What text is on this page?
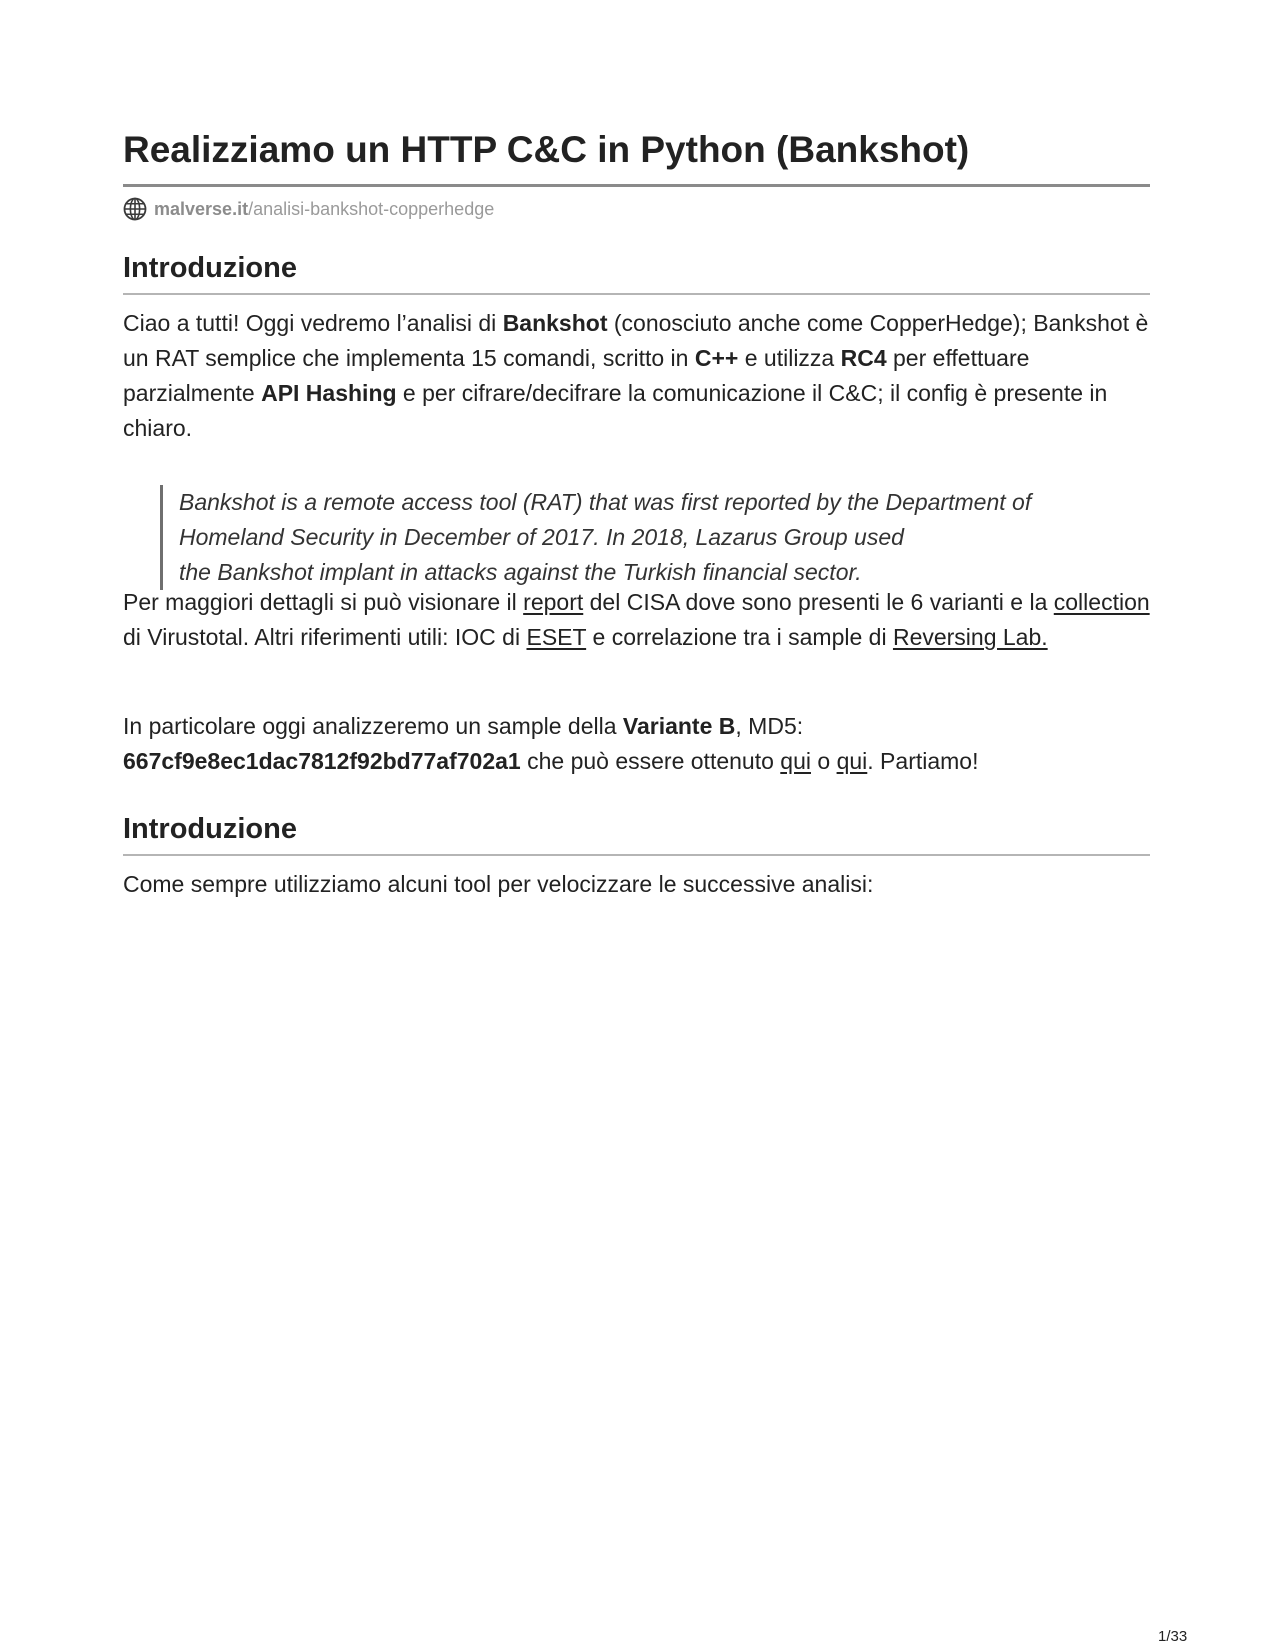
Realizziamo un HTTP C&C in Python (Bankshot)
malverse.it /analisi-bankshot-copperhedge
Introduzione

Ciao a tutti! Oggi vedremo l’analisi di Bankshot (conosciuto anche come CopperHedge); Bankshot è un RAT semplice che implementa 15 comandi, scritto in C++ e utilizza RC4 per effettuare parzialmente API Hashing e per cifrare/decifrare la comunicazione il C&C; il config è presente in chiaro.

Bankshot is a remote access tool (RAT) that was first reported by the Department of
Homeland Security in December of 2017. In 2018, Lazarus Group used
the Bankshot implant in attacks against the Turkish financial sector.

Per maggiori dettagli si può visionare il report del CISA dove sono presenti le 6 varianti e la collection di Virustotal. Altri riferimenti utili: IOC di ESET e correlazione tra i sample di Reversing Lab.

In particolare oggi analizzeremo un sample della Variante B, MD5:
667cf9e8ec1dac7812f92bd77af702a1 che può essere ottenuto qui o qui. Partiamo!

Introduzione

Come sempre utilizziamo alcuni tool per velocizzare le successive analisi:

1/33
